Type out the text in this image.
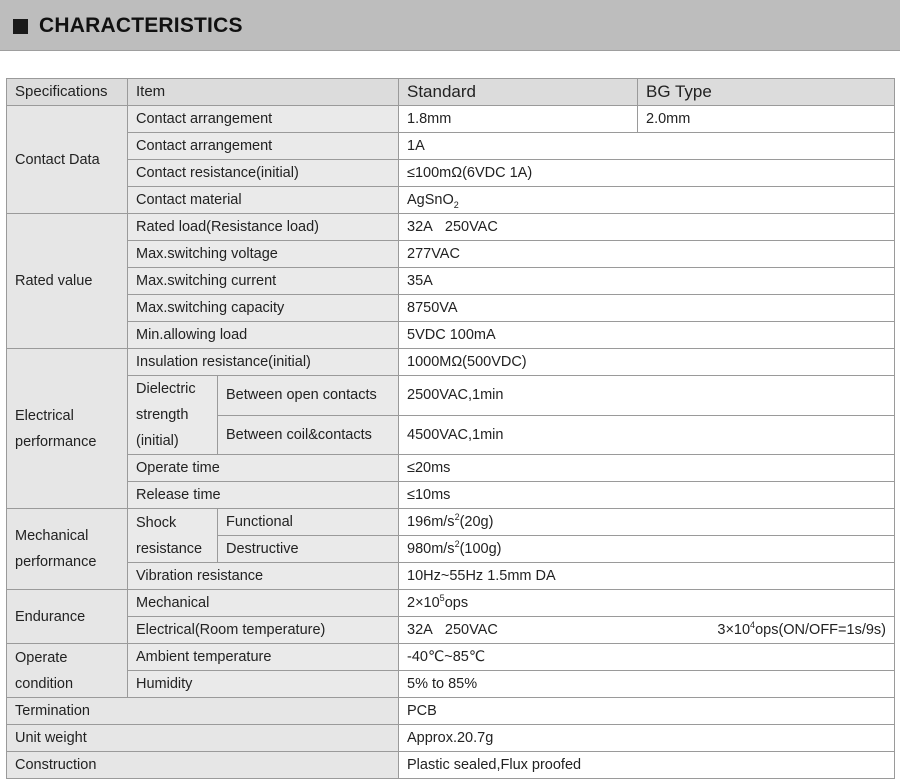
CHARACTERISTICS
Specifications	Item		Standard	BG Type
Contact Data	Contact arrangement		1.8mm	2.0mm
	Contact arrangement		1A	
	Contact resistance(initial)		≤100mΩ(6VDC 1A)	
	Contact material		AgSnO$_2$
Rated value	Rated load(Resistance load)		32A   250VAC	
	Max.switching voltage		277VAC	
	Max.switching current		35A	
	Max.switching capacity		8750VA	
	Min.allowing load		5VDC 100mA	
Electrical
performance	Insulation resistance(initial)		1000MΩ(500VDC)	
	Dielectric
strength
(initial)	Between open contacts	2500VAC,1min	
		Between coil&contacts	4500VAC,1min	
	Operate time		≤20ms	
	Release time		≤10ms	
Mechanical
performance	Shock
resistance	Functional	$196m/s^2(20g)$	
		Destructive	$980m/s^2(100g)$	
	Vibration resistance		10Hz~55Hz 1.5mm DA	
Endurance	Mechanical		$2\times 10^5ops$	
	Electrical(Room temperature)		32A   250VAC $3\times 10^4ops(ON/OFF=1s/9s)$	

Operate
condition	Ambient temperature		-40℃~85℃	
	Humidity		5% to 85%	
Termination			PCB	
Unit weight			Approx.20.7g	
Construction			Plastic sealed,Flux proofed	
